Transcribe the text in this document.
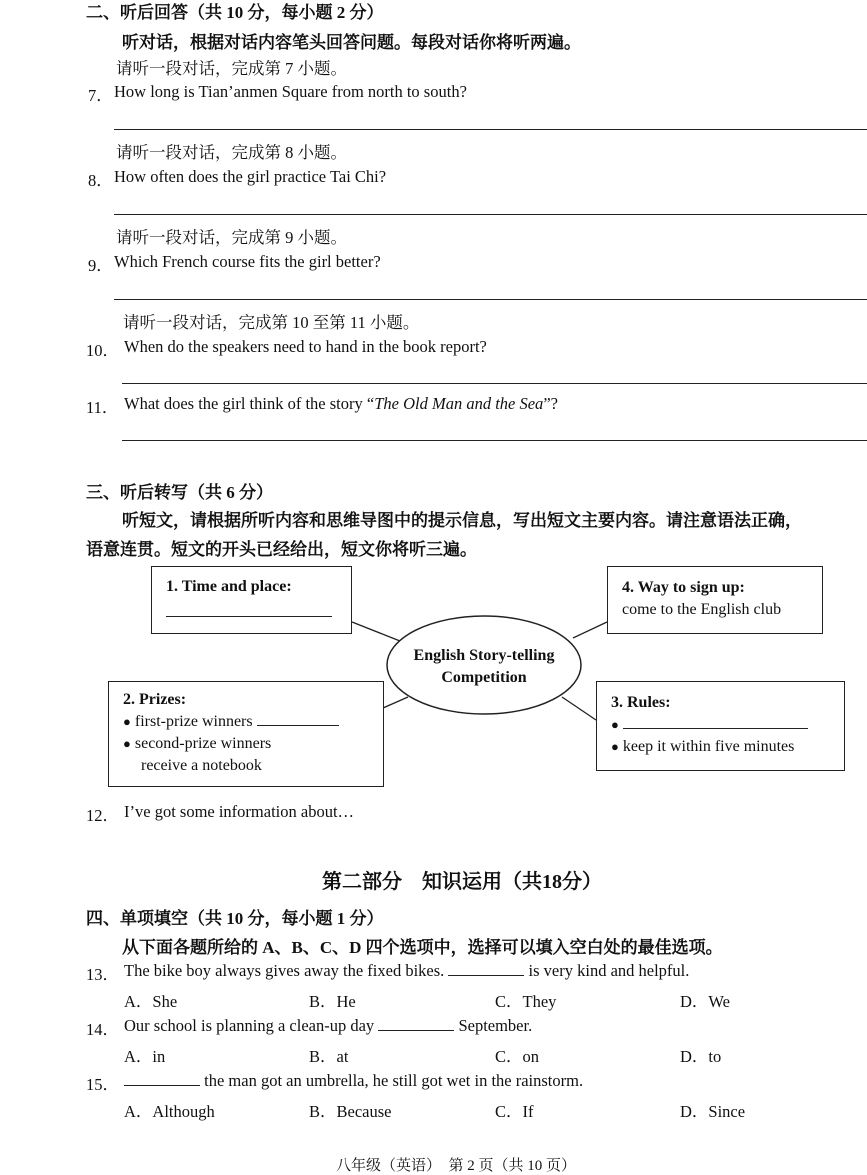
二、听后回答（共 10 分，每小题 2 分）
听对话，根据对话内容笔头回答问题。每段对话你将听两遍。
请听一段对话，完成第 7 小题。
7． How long is Tian’anmen Square from north to south?
请听一段对话，完成第 8 小题。
8． How often does the girl practice Tai Chi?
请听一段对话，完成第 9 小题。
9． Which French course fits the girl better?
请听一段对话，完成第 10 至第 11 小题。
10． When do the speakers need to hand in the book report?
11． What does the girl think of the story “The Old Man and the Sea”?
三、听后转写（共 6 分）
听短文，请根据所听内容和思维导图中的提示信息，写出短文主要内容。请注意语法正确，
语意连贯。短文的开头已经给出，短文你将听三遍。
English Story-telling
Competition
1. Time and place:	4. Way to sign up:
come to the English club
2. Prizes:
● first-prize winners
● second-prize winners
receive a notebook
3. Rules:
●
● keep it within five minutes
12． I’ve got some information about…
第二部分　知识运用（共18分）
四、单项填空（共 10 分，每小题 1 分）
从下面各题所给的 A、B、C、D 四个选项中，选择可以填入空白处的最佳选项。
13． The bike boy always gives away the fixed bikes.	is very kind and helpful.
A．She	B．He	C．They	D．We
14． Our school is planning a clean-up day	September.
A．in	B．at	C．on	D．to
15．	the man got an umbrella, he still got wet in the rainstorm.
A．Although	B．Because	C．If	D．Since
八年级（英语）　第 2 页（共 10 页）
